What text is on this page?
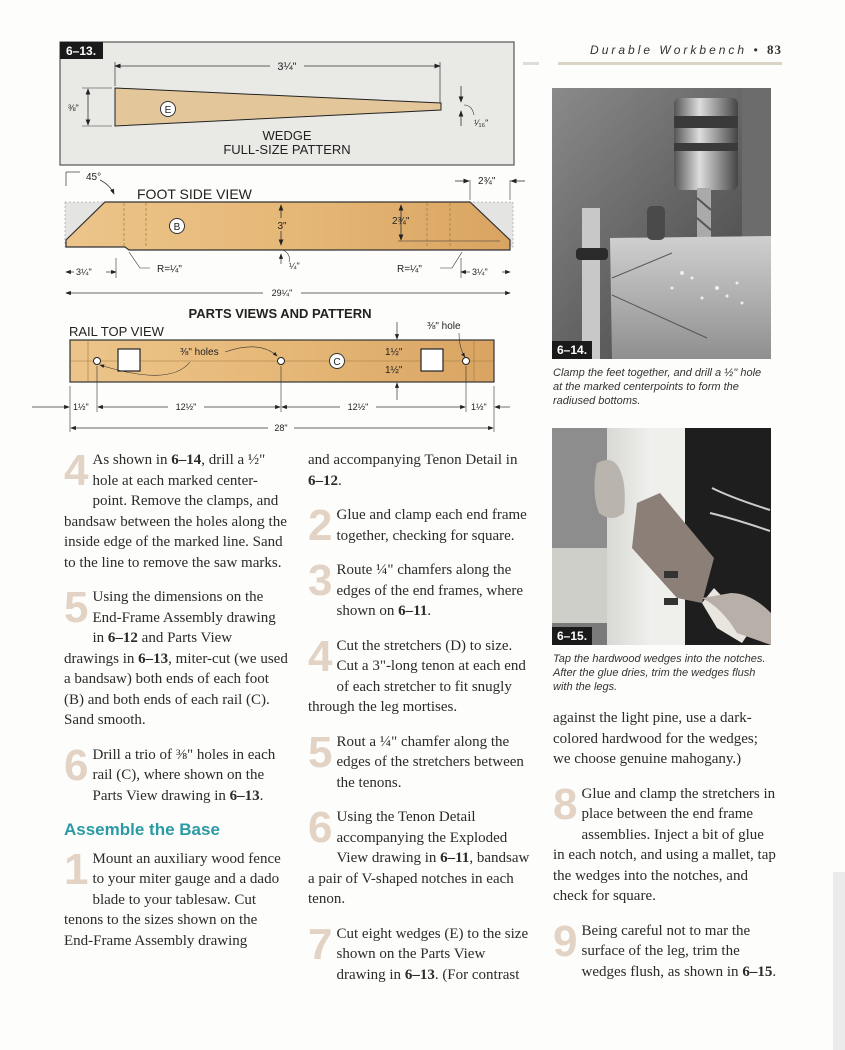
Durable Workbench • 83
3¼"
⅜"
¹⁄₁₆"
E
WEDGE
FULL-SIZE PATTERN
6–13.
45°
FOOT SIDE VIEW
B	3"	2¾"
2¾"
¼"
3¼"	R=¼"	R=¼"	3¼"
29¼"
PARTS VIEWS AND PATTERN
RAIL TOP VIEW
C
⅜" holes
⅜" hole
1½"
1½"
1½"	12½"	12½"	1½"
28"
6–14.
Clamp the feet together, and drill a ½" hole at the marked centerpoints to form the radiused bottoms.
6–15.
Tap the hardwood wedges into the notches. After the glue dries, trim the wedges flush with the legs.
4 As shown in 6–14, drill a ½" hole at each marked center-point. Remove the clamps, and bandsaw between the holes along the inside edge of the marked line. Sand to the line to remove the saw marks.
5 Using the dimensions on the End-Frame Assembly drawing in 6–12 and Parts View drawings in 6–13, miter-cut (we used a bandsaw) both ends of each foot (B) and both ends of each rail (C). Sand smooth.
6 Drill a trio of ⅜" holes in each rail (C), where shown on the Parts View drawing in 6–13.
Assemble the Base
1 Mount an auxiliary wood fence to your miter gauge and a dado blade to your tablesaw. Cut tenons to the sizes shown on the End-Frame Assembly drawing
and accompanying Tenon Detail in 6–12.
2 Glue and clamp each end frame together, checking for square.
3 Route ¼" chamfers along the edges of the end frames, where shown on 6–11.
4 Cut the stretchers (D) to size. Cut a 3"-long tenon at each end of each stretcher to fit snugly through the leg mortises.
5 Rout a ¼" chamfer along the edges of the stretchers between the tenons.
6 Using the Tenon Detail accompanying the Exploded View drawing in 6–11, bandsaw a pair of V-shaped notches in each tenon.
7 Cut eight wedges (E) to the size shown on the Parts View drawing in 6–13. (For contrast
against the light pine, use a dark-colored hardwood for the wedges; we choose genuine mahogany.)
8 Glue and clamp the stretchers in place between the end frame assemblies. Inject a bit of glue in each notch, and using a mallet, tap the wedges into the notches, and check for square.
9 Being careful not to mar the surface of the leg, trim the wedges flush, as shown in 6–15.
